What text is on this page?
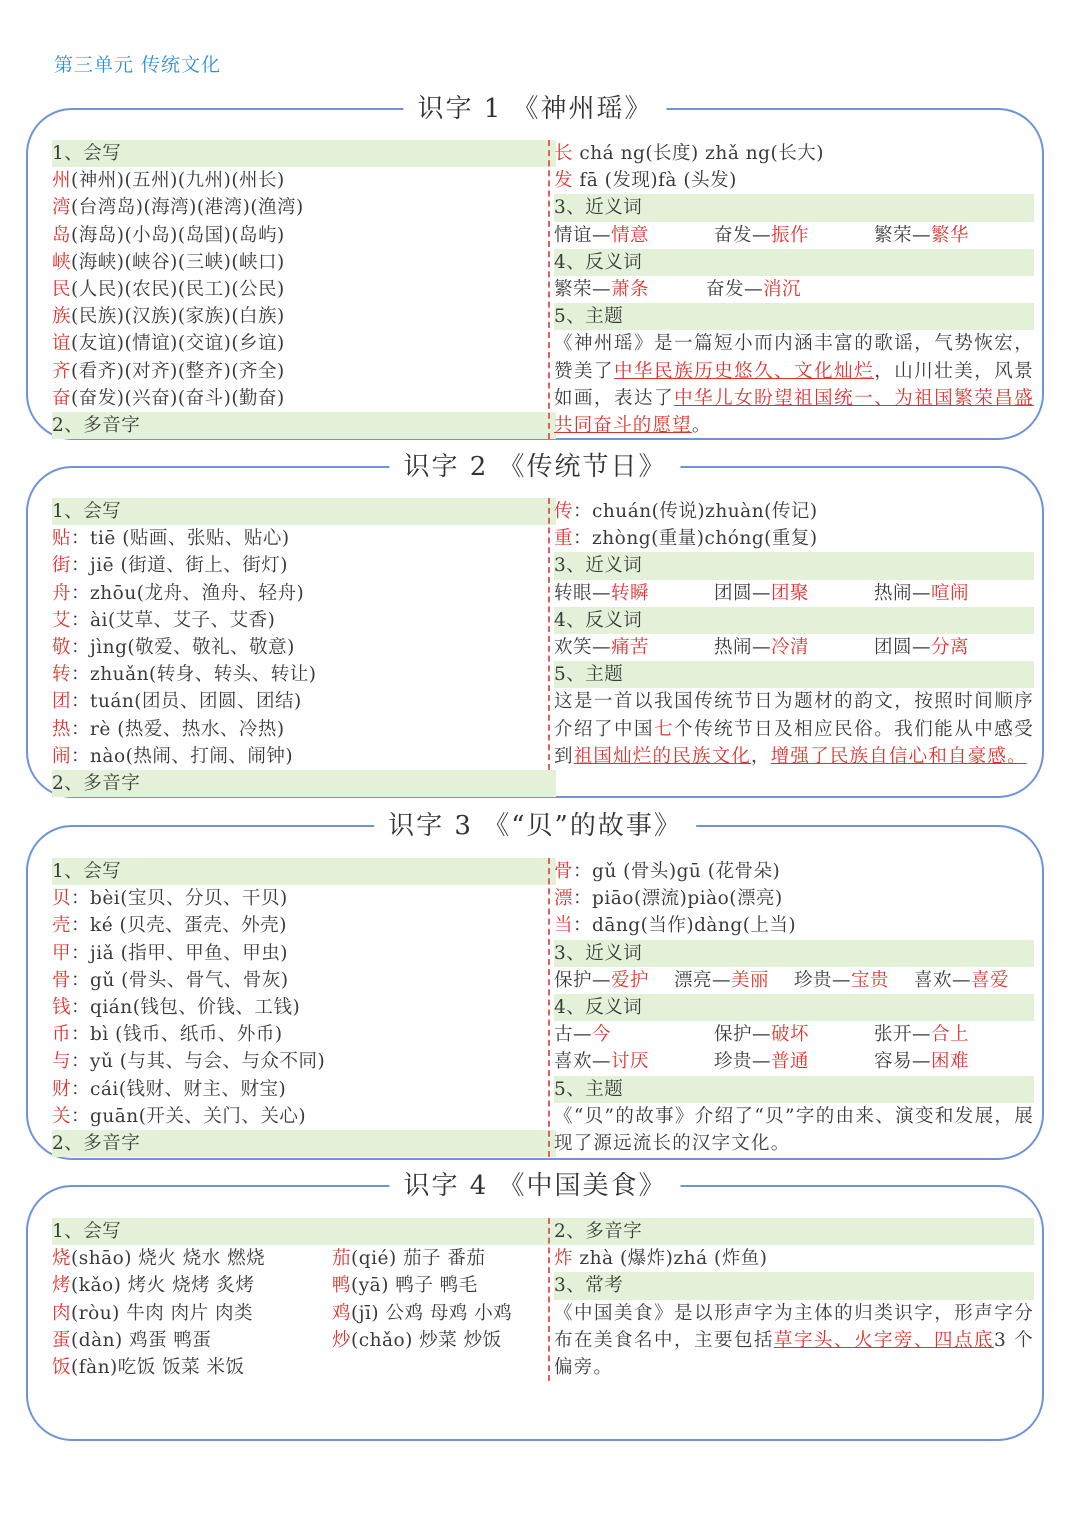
第三单元 传统文化
识字 1 《神州瑶》
1、会写
州(神州)(五州)(九州)(州长)
湾(台湾岛)(海湾)(港湾)(渔湾)
岛(海岛)(小岛)(岛国)(岛屿)
峡(海峡)(峡谷)(三峡)(峡口)
民(人民)(农民)(民工)(公民)
族(民族)(汉族)(家族)(白族)
谊(友谊)(情谊)(交谊)(乡谊)
齐(看齐)(对齐)(整齐)(齐全)
奋(奋发)(兴奋)(奋斗)(勤奋)
2、多音字
长 chá ng(长度) zhǎ ng(长大)
发 fā (发现)fà (头发)
3、近义词
情谊—情意	奋发—振作	繁荣—繁华
4、反义词
繁荣—萧条	奋发—消沉
5、主题
《神州瑶》是一篇短小而内涵丰富的歌谣，气势恢宏，赞美了中华民族历史悠久、文化灿烂，山川壮美，风景如画，表达了中华儿女盼望祖国统一、为祖国繁荣昌盛共同奋斗的愿望。
识字 2 《传统节日》
1、会写
贴：tiē (贴画、张贴、贴心)
街：jiē (街道、街上、街灯)
舟：zhōu(龙舟、渔舟、轻舟)
艾：ài(艾草、艾子、艾香)
敬：jìng(敬爱、敬礼、敬意)
转：zhuǎn(转身、转头、转让)
团：tuán(团员、团圆、团结)
热：rè (热爱、热水、冷热)
闹：nào(热闹、打闹、闹钟)
2、多音字
传：chuán(传说)zhuàn(传记)
重：zhòng(重量)chóng(重复)
3、近义词
转眼—转瞬	团圆—团聚	热闹—喧闹
4、反义词
欢笑—痛苦	热闹—冷清	团圆—分离
5、主题
这是一首以我国传统节日为题材的韵文，按照时间顺序介绍了中国七个传统节日及相应民俗。我们能从中感受到祖国灿烂的民族文化，增强了民族自信心和自豪感。
识字 3 《“贝”的故事》
1、会写
贝：bèi(宝贝、分贝、干贝)
壳：ké (贝壳、蛋壳、外壳)
甲：jiǎ (指甲、甲鱼、甲虫)
骨：gǔ (骨头、骨气、骨灰)
钱：qián(钱包、价钱、工钱)
币：bì (钱币、纸币、外币)
与：yǔ (与其、与会、与众不同)
财：cái(钱财、财主、财宝)
关：guān(开关、关门、关心)
2、多音字
骨：gǔ (骨头)gū (花骨朵)
漂：piāo(漂流)piào(漂亮)
当：dāng(当作)dàng(上当)
3、近义词
保护—爱护	漂亮—美丽	珍贵—宝贵	喜欢—喜爱
4、反义词
古—今	保护—破坏	张开—合上
喜欢—讨厌	珍贵—普通	容易—困难
5、主题
《“贝”的故事》介绍了“贝”字的由来、演变和发展，展现了源远流长的汉字文化。
识字 4 《中国美食》
1、会写
烧(shāo) 烧火 烧水 燃烧	茄(qié) 茄子 番茄
烤(kǎo) 烤火 烧烤 炙烤	鸭(yā) 鸭子 鸭毛
肉(ròu) 牛肉 肉片 肉类	鸡(jī) 公鸡 母鸡 小鸡
蛋(dàn) 鸡蛋 鸭蛋	炒(chǎo) 炒菜 炒饭
饭(fàn)吃饭 饭菜 米饭
2、多音字
炸 zhà (爆炸)zhá (炸鱼)
3、常考
《中国美食》是以形声字为主体的归类识字，形声字分布在美食名中，主要包括草字头、火字旁、四点底3 个偏旁。
